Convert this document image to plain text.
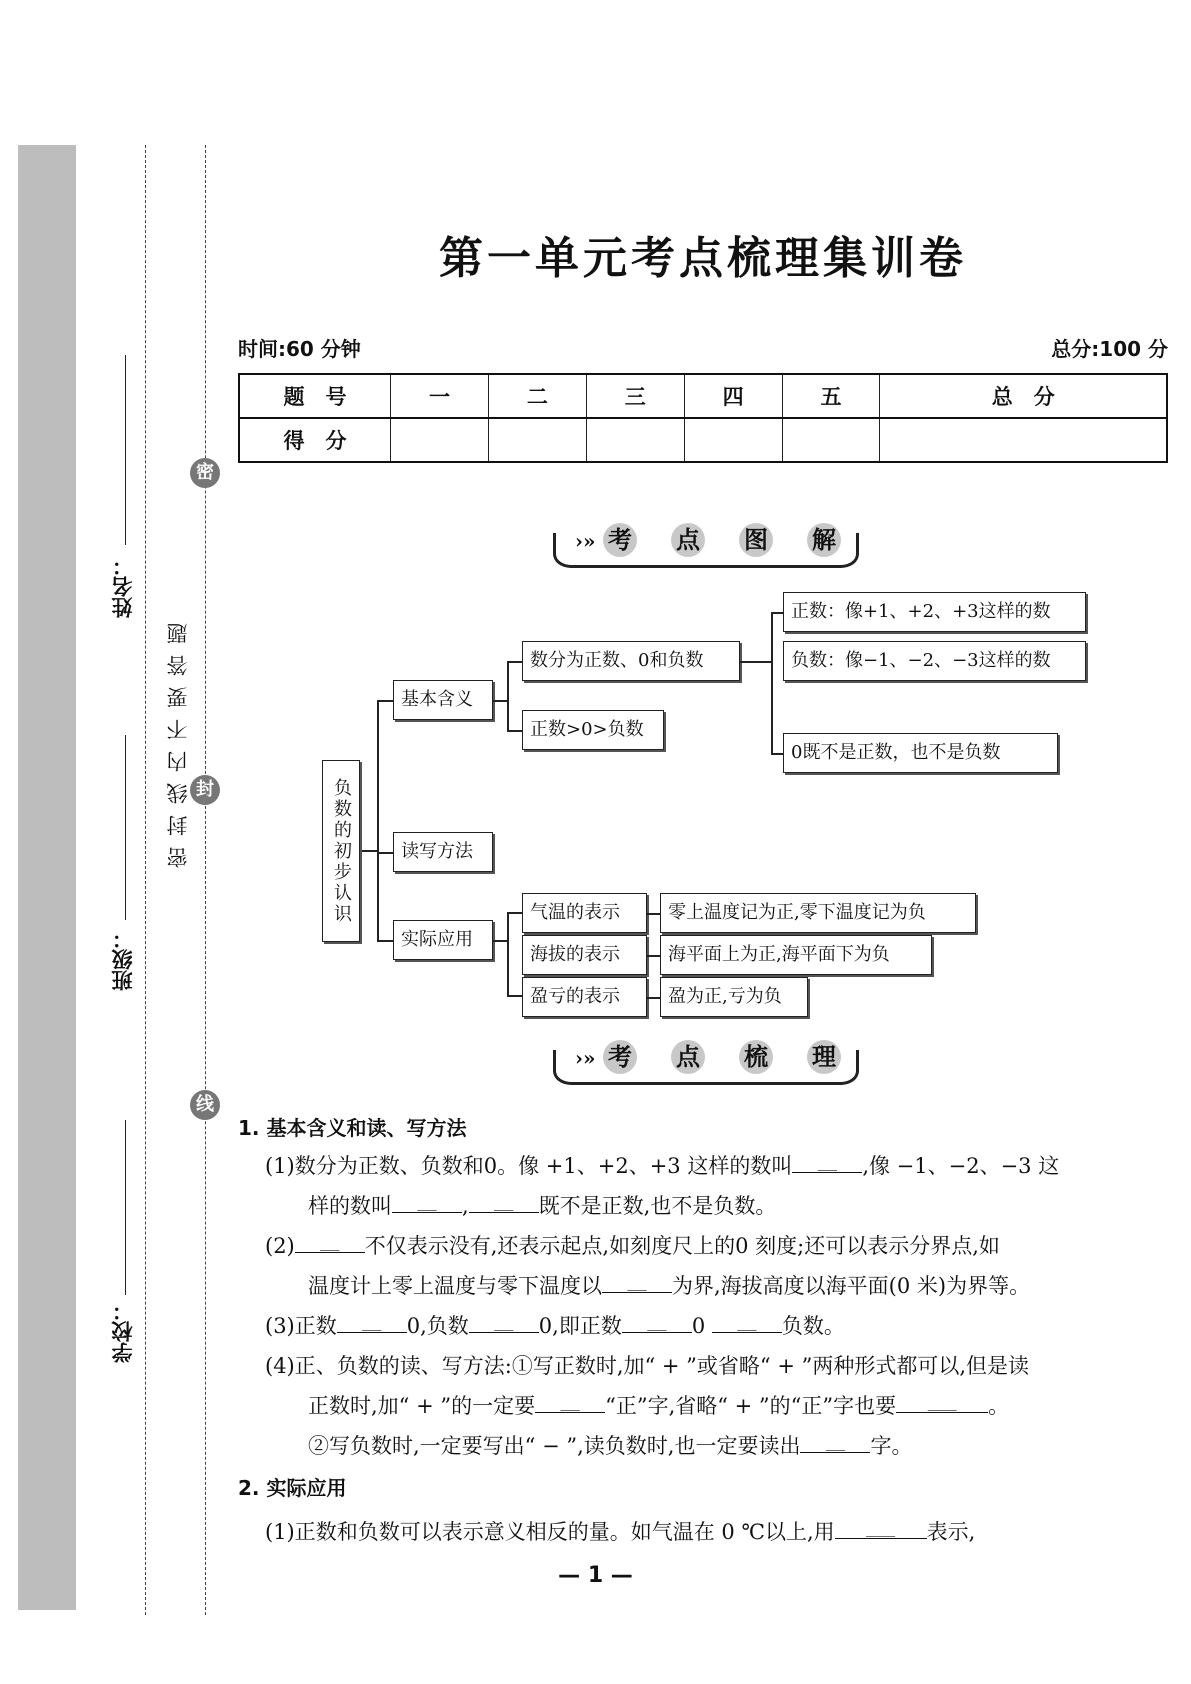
姓名：
班级：
学校：
密
封
线
密封线内不要答题
第一单元考点梳理集训卷
时间:60 分钟	总分:100 分
题　号	一	二	三	四	五	总　分
得　分						
›» 考 点 图 解
负数的初步认识
基本含义
读写方法
实际应用
数分为正数、0和负数
正数>0>负数
正数：像+1、+2、+3这样的数
负数：像−1、−2、−3这样的数
0既不是正数，也不是负数
气温的表示
海拔的表示
盈亏的表示
零上温度记为正,零下温度记为负
海平面上为正,海平面下为负
盈为正,亏为负
›» 考 点 梳 理
1. 基本含义和读、写方法
(1)数分为正数、负数和0。像 +1、+2、+3 这样的数叫 __ ,像 −1、−2、−3 这
样的数叫 __ , __ 既不是正数,也不是负数。
(2) __ 不仅表示没有,还表示起点,如刻度尺上的0 刻度;还可以表示分界点,如
温度计上零上温度与零下温度以 __ 为界,海拔高度以海平面(0 米)为界等。
(3)正数 __ 0,负数 __ 0,即正数 __ 0 __ 负数。
(4)正、负数的读、写方法:①写正数时,加“ + ”或省略“ + ”两种形式都可以,但是读
正数时,加“ + ”的一定要 __ “正”字,省略“ + ”的“正”字也要 ___ 。
②写负数时,一定要写出“ − ”,读负数时,也一定要读出 __ 字。
(1)正数和负数可以表示意义相反的量。如气温在 0 ℃以上,用 ___ 表示,
2. 实际应用
— 1 —
